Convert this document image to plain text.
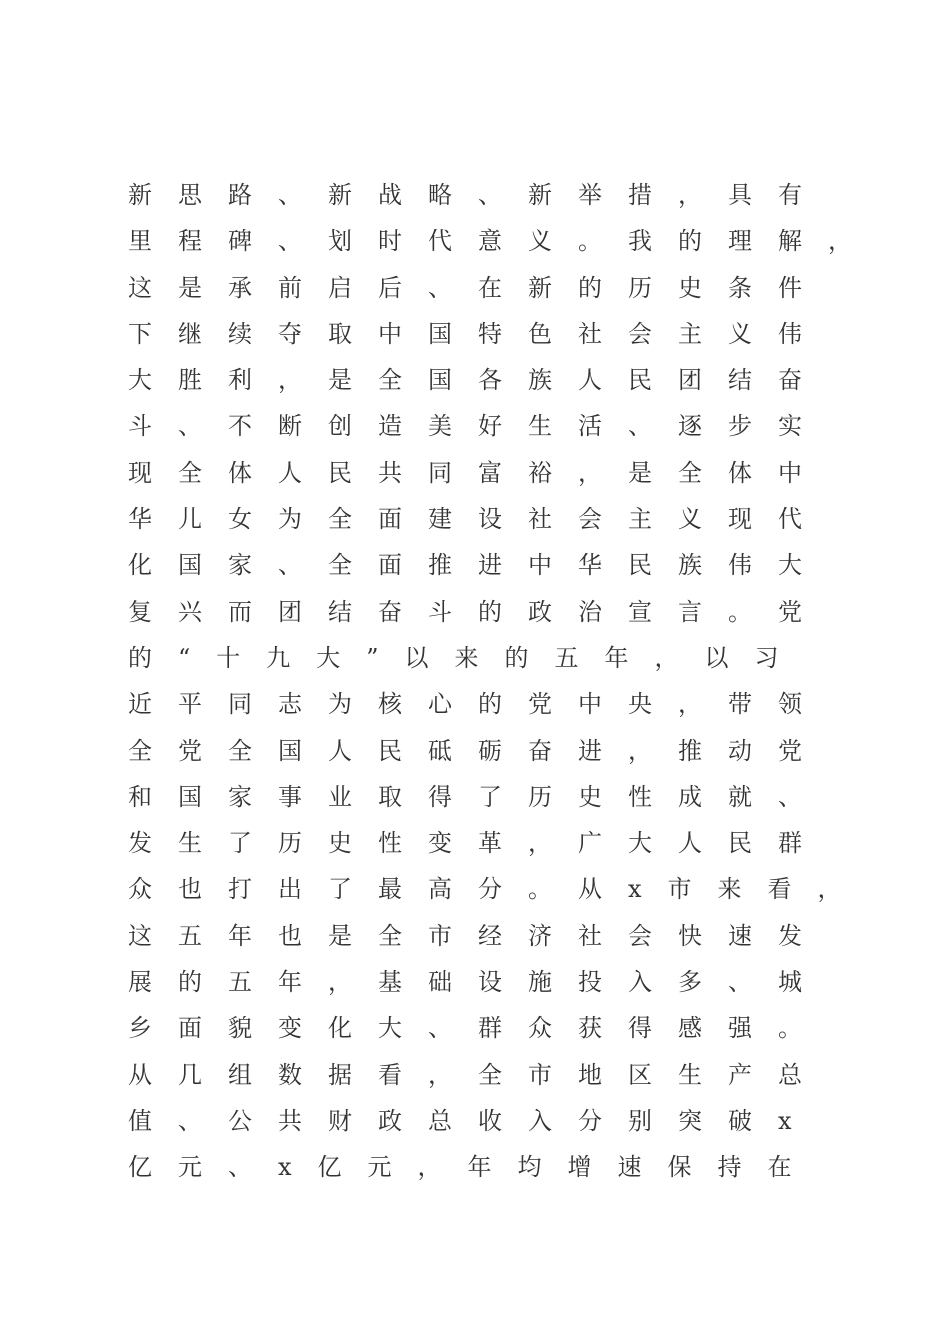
新思路、新战略、新举措，具有

里程碑、划时代意义。我的理解，

这是承前启后、在新的历史条件

下继续夺取中国特色社会主义伟

大胜利，是全国各族人民团结奋

斗、不断创造美好生活、逐步实

现全体人民共同富裕，是全体中

华儿女为全面建设社会主义现代

化国家、全面推进中华民族伟大

复兴而团结奋斗的政治宣言。党

的“十九大”以来的五年，以习

近平同志为核心的党中央，带领

全党全国人民砥砺奋进，推动党

和国家事业取得了历史性成就、

发生了历史性变革，广大人民群

众也打出了最高分。从x市来看，

这五年也是全市经济社会快速发

展的五年，基础设施投入多、城

乡面貌变化大、群众获得感强。

从几组数据看，全市地区生产总

值、公共财政总收入分别突破x

亿元、x亿元，年均增速保持在
